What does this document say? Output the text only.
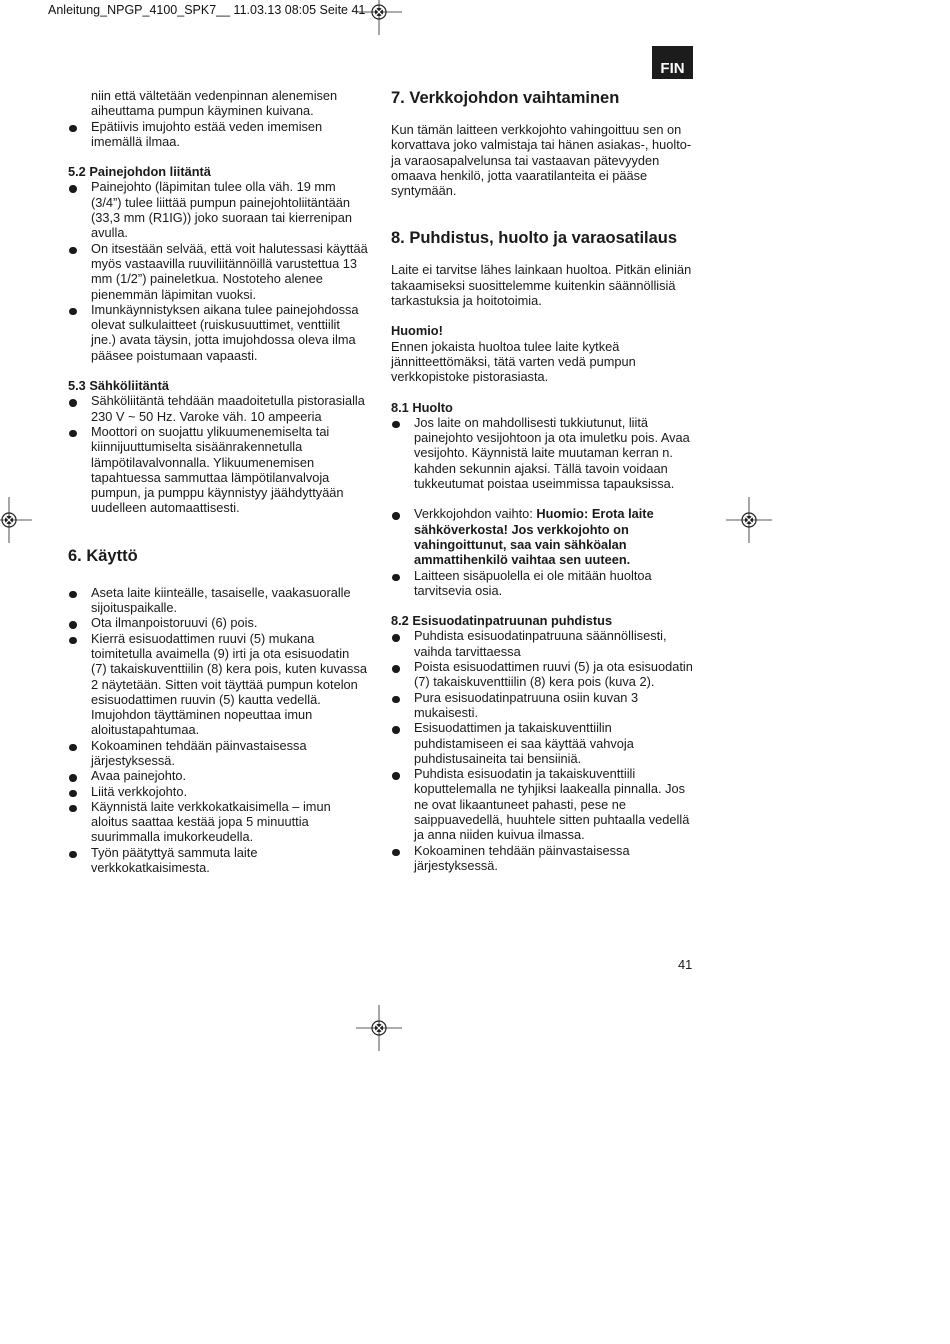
Anleitung_NPGP_4100_SPK7__ 11.03.13 08:05 Seite 41
FIN

niin että vältetään vedenpinnan alenemisen aiheuttama pumpun käyminen kuivana.

Epätiivis imujohto estää veden imemisen imemällä ilmaa.

5.2 Painejohdon liitäntä

Painejohto (läpimitan tulee olla väh. 19 mm (3/4”) tulee liittää pumpun painejohtoliitäntään (33,3 mm (R1IG)) joko suoraan tai kierrenipan avulla.
On itsestään selvää, että voit halutessasi käyttää myös vastaavilla ruuviliitännöillä varustettua 13 mm (1/2”) paineletkua. Nostoteho alenee pienemmän läpimitan vuoksi.
Imunkäynnistyksen aikana tulee painejohdossa olevat sulkulaitteet (ruiskusuuttimet, venttiilit jne.) avata täysin, jotta imujohdossa oleva ilma pääsee poistumaan vapaasti.

5.3 Sähköliitäntä

Sähköliitäntä tehdään maadoitetulla pistorasialla 230 V ~ 50 Hz. Varoke väh. 10 ampeeria
Moottori on suojattu ylikuumenemiselta tai kiinnijuuttumiselta sisäänrakennetulla lämpötilavalvonnalla. Ylikuumenemisen tapahtuessa sammuttaa lämpötilanvalvoja pumpun, ja pumppu käynnistyy jäähdyttyään uudelleen automaattisesti.
6. Käyttö
Aseta laite kiinteälle, tasaiselle, vaakasuoralle sijoituspaikalle.
Ota ilmanpoistoruuvi (6) pois.
Kierrä esisuodattimen ruuvi (5) mukana toimitetulla avaimella (9) irti ja ota esisuodatin (7) takaiskuventtiilin (8) kera pois, kuten kuvassa 2 näytetään. Sitten voit täyttää pumpun kotelon esisuodattimen ruuvin (5) kautta vedellä. Imujohdon täyttäminen nopeuttaa imun aloitustapahtumaa.
Kokoaminen tehdään päinvastaisessa järjestyksessä.
Avaa painejohto.
Liitä verkkojohto.
Käynnistä laite verkkokatkaisimella – imun aloitus saattaa kestää jopa 5 minuuttia suurimmalla imukorkeudella.
Työn päätyttyä sammuta laite verkkokatkaisimesta.
7. Verkkojohdon vaihtaminen

Kun tämän laitteen verkkojohto vahingoittuu sen on korvattava joko valmistaja tai hänen asiakas-, huolto- ja varaosapalvelunsa tai vastaavan pätevyyden omaava henkilö, jotta vaaratilanteita ei pääse syntymään.

8. Puhdistus, huolto ja varaosatilaus

Laite ei tarvitse lähes lainkaan huoltoa. Pitkän eliniän takaamiseksi suosittelemme kuitenkin säännöllisiä tarkastuksia ja hoitotoimia.

Huomio!

Ennen jokaista huoltoa tulee laite kytkeä jännitteettömäksi, tätä varten vedä pumpun verkkopistoke pistorasiasta.

8.1 Huolto

Jos laite on mahdollisesti tukkiutunut, liitä painejohto vesijohtoon ja ota imuletku pois. Avaa vesijohto. Käynnistä laite muutaman kerran n. kahden sekunnin ajaksi. Tällä tavoin voidaan tukkeutumat poistaa useimmissa tapauksissa.
Verkkojohdon vaihto: Huomio: Erota laite sähköverkosta! Jos verkkojohto on vahingoittunut, saa vain sähköalan ammattihenkilö vaihtaa sen uuteen.
Laitteen sisäpuolella ei ole mitään huoltoa tarvitsevia osia.

8.2 Esisuodatinpatruunan puhdistus

Puhdista esisuodatinpatruuna säännöllisesti, vaihda tarvittaessa
Poista esisuodattimen ruuvi (5) ja ota esisuodatin (7) takaiskuventtiilin (8) kera pois (kuva 2).
Pura esisuodatinpatruuna osiin kuvan 3 mukaisesti.
Esisuodattimen ja takaiskuventtiilin puhdistamiseen ei saa käyttää vahvoja puhdistusaineita tai bensiiniä.
Puhdista esisuodatin ja takaiskuventtiili koputtelemalla ne tyhjiksi laakealla pinnalla. Jos ne ovat likaantuneet pahasti, pese ne saippuavedellä, huuhtele sitten puhtaalla vedellä ja anna niiden kuivua ilmassa.
Kokoaminen tehdään päinvastaisessa järjestyksessä.
41
